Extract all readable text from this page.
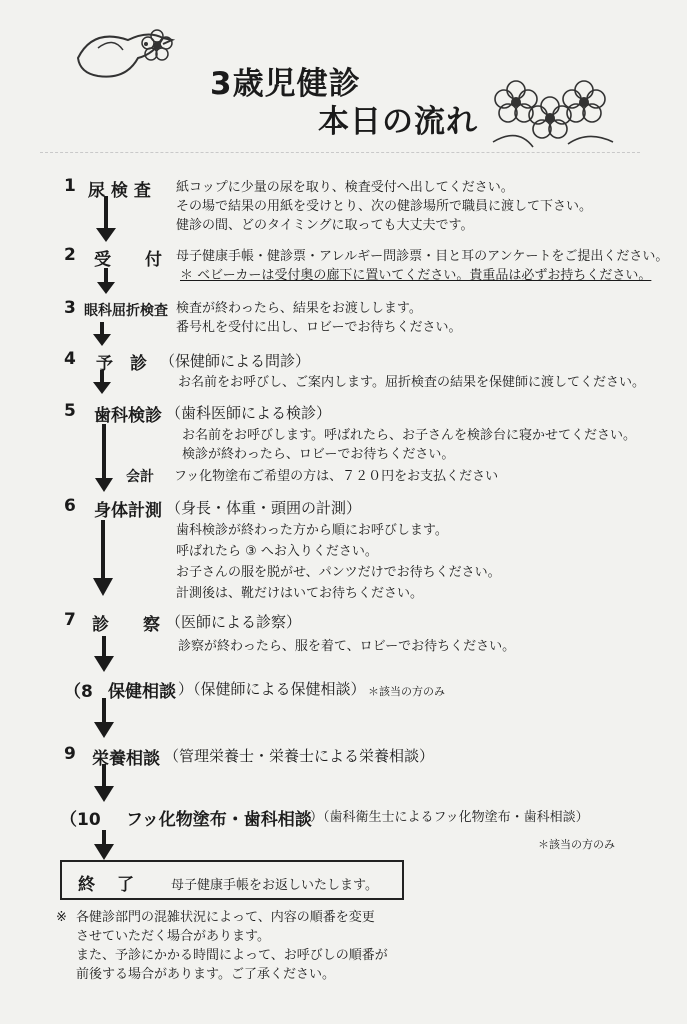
3歳児健診
本日の流れ
1 尿 検 査 紙コップに少量の尿を取り、検査受付へ出してください。
その場で結果の用紙を受けとり、次の健診場所で職員に渡して下さい。
健診の間、どのタイミングに取っても大丈夫です。
2 受　　付 母子健康手帳・健診票・アレルギー問診票・目と耳のアンケートをご提出ください。
＊ ベビーカーは受付奥の廊下に置いてください。貴重品は必ずお持ちください。
3 眼科屈折検査 検査が終わったら、結果をお渡しします。
番号札を受付に出し、ロビーでお待ちください。
4 予　診 （保健師による問診）
お名前をお呼びし、ご案内します。屈折検査の結果を保健師に渡してください。
5 歯科検診 （歯科医師による検診）
お名前をお呼びします。呼ばれたら、お子さんを検診台に寝かせてください。
検診が終わったら、ロビーでお待ちください。
会計 フッ化物塗布ご希望の方は、７２０円をお支払ください
6 身体計測 （身長・体重・頭囲の計測）
歯科検診が終わった方から順にお呼びします。
呼ばれたら ③ へお入りください。
お子さんの服を脱がせ、パンツだけでお待ちください。
計測後は、靴だけはいてお待ちください。
7 診　　察 （医師による診察）
診察が終わったら、服を着て、ロビーでお待ちください。
（8 保健相談 ）（保健師による保健相談） ＊該当の方のみ
9 栄養相談 （管理栄養士・栄養士による栄養相談）
（10 フッ化物塗布・歯科相談
）（歯科衛生士によるフッ化物塗布・歯科相談）
＊該当の方のみ
終了 母子健康手帳をお返しいたします。
※ 各健診部門の混雑状況によって、内容の順番を変更
させていただく場合があります。
また、予診にかかる時間によって、お呼びしの順番が
前後する場合があります。ご了承ください。
